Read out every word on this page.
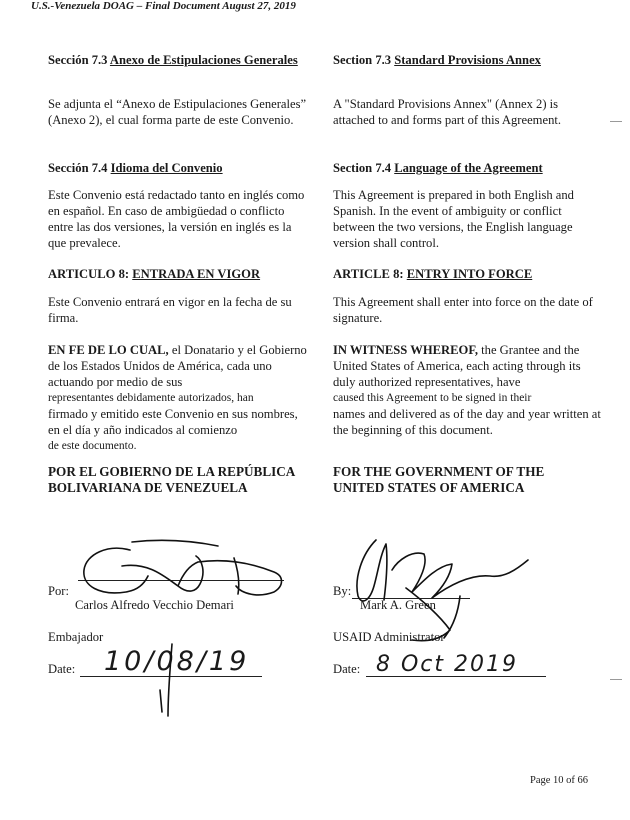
U.S.-Venezuela DOAG – Final Document August 27, 2019

Sección 7.3 Anexo de Estipulaciones Generales

Se adjunta el “Anexo de Estipulaciones Generales” (Anexo 2), el cual forma parte de este Convenio.

Sección 7.4 Idioma del Convenio

Este Convenio está redactado tanto en inglés como en español. En caso de ambigüedad o conflicto entre las dos versiones, la versión en inglés es la que prevalece.

ARTICULO 8: ENTRADA EN VIGOR

Este Convenio entrará en vigor en la fecha de su firma.

EN FE DE LO CUAL, el Donatario y el Gobierno de los Estados Unidos de América, cada uno actuando por medio de sus
representantes debidamente autorizados, han
firmado y emitido este Convenio en sus nombres, en el día y año indicados al comienzo
de este documento.

POR EL GOBIERNO DE LA REPÚBLICA
BOLIVARIANA DE VENEZUELA

Section 7.3 Standard Provisions Annex

A "Standard Provisions Annex" (Annex 2) is attached to and forms part of this Agreement.

Section 7.4 Language of the Agreement

This Agreement is prepared in both English and Spanish. In the event of ambiguity or conflict between the two versions, the English language version shall control.

ARTICLE 8: ENTRY INTO FORCE

This Agreement shall enter into force on the date of signature.

IN WITNESS WHEREOF, the Grantee and the United States of America, each acting through its duly authorized representatives, have
caused this Agreement to be signed in their
names and delivered as of the day and year written at the beginning of this document.

FOR THE GOVERNMENT OF THE
UNITED STATES OF AMERICA

Por:
Carlos Alfredo Vecchio Demari
Embajador
Date: 10/08/19
By:
Mark A. Green
USAID Administrator
Date: 8 Oct 2019
Page 10 of 66
